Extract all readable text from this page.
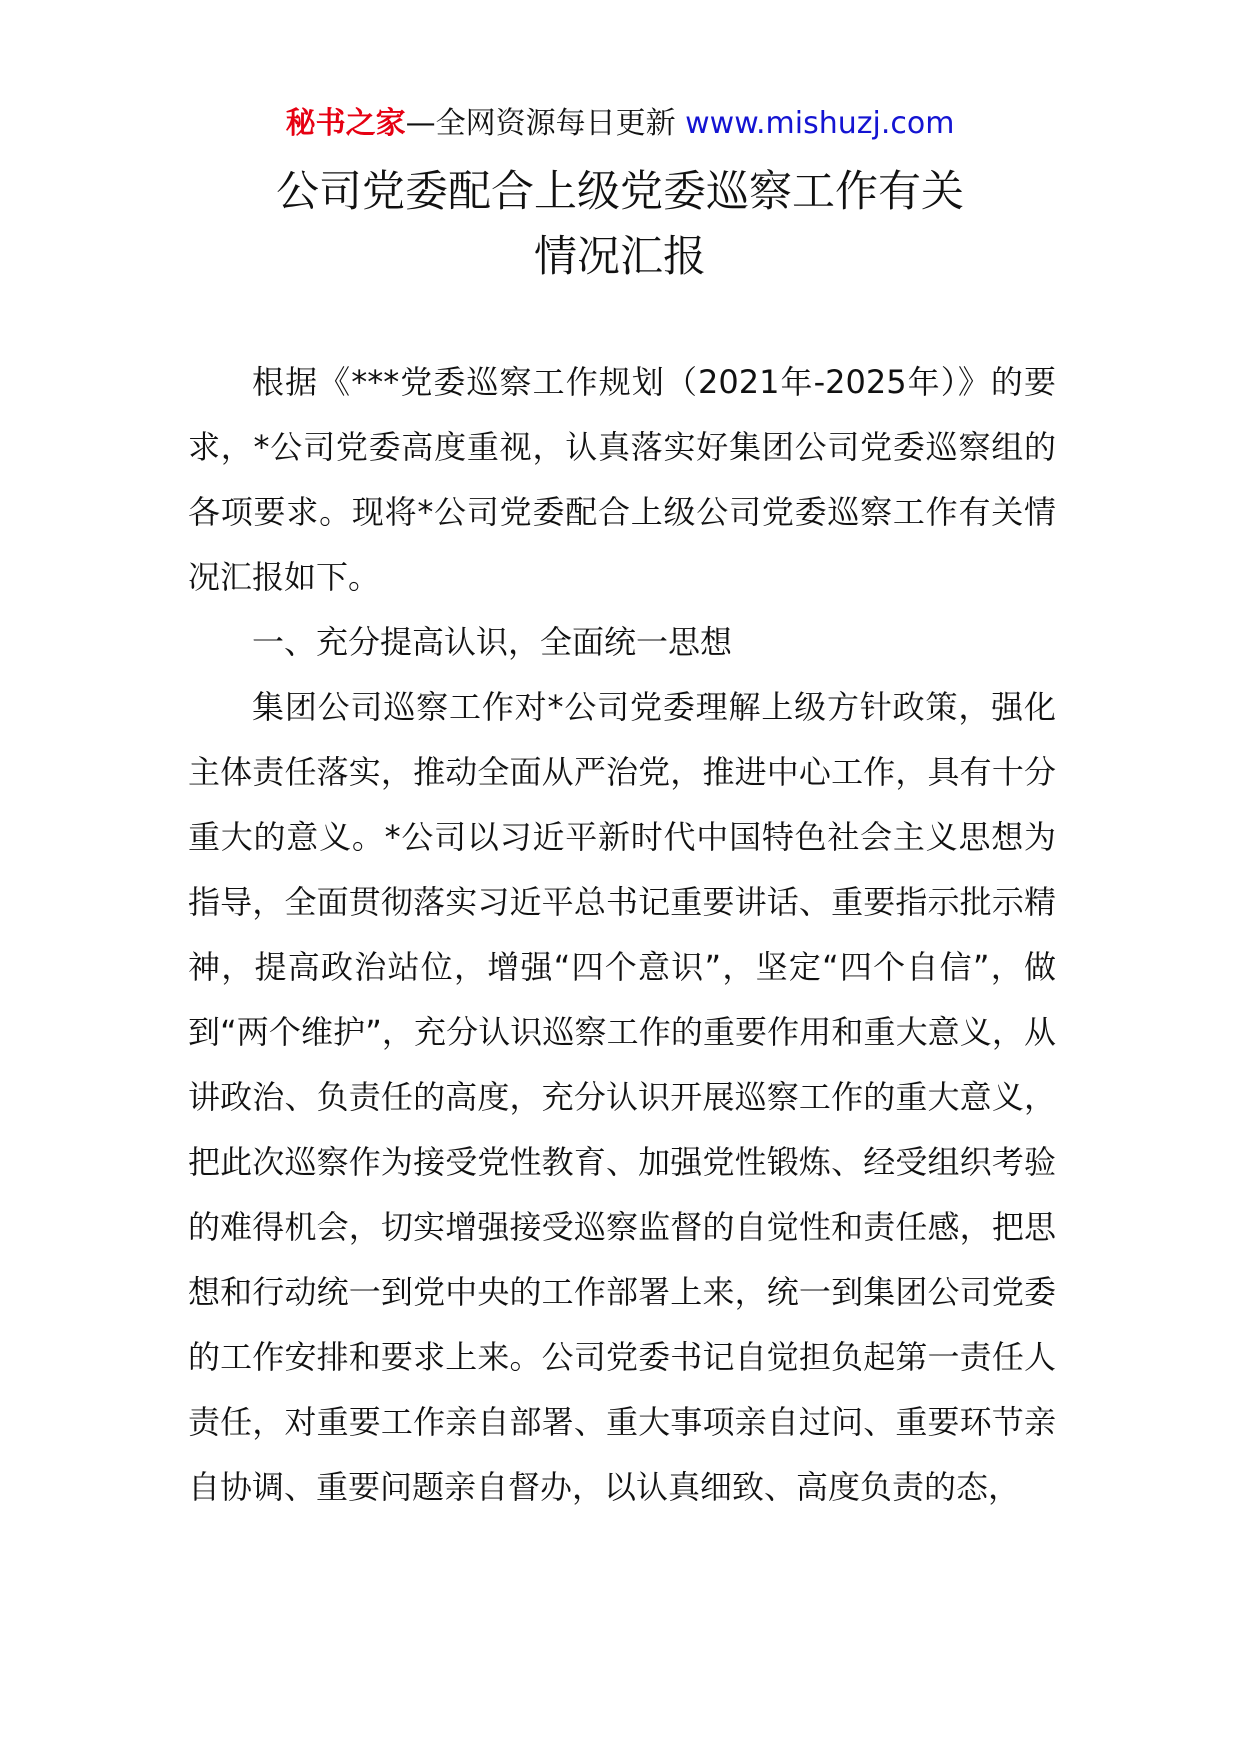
秘书之家—全网资源每日更新 www.mishuzj.com
公司党委配合上级党委巡察工作有关
情况汇报

根据《***党委巡察工作规划（2021年-2025年）》的要求，*公司党委高度重视，认真落实好集团公司党委巡察组的各项要求。现将*公司党委配合上级公司党委巡察工作有关情况汇报如下。

一、充分提高认识，全面统一思想

集团公司巡察工作对*公司党委理解上级方针政策，强化主体责任落实，推动全面从严治党，推进中心工作，具有十分重大的意义。*公司以习近平新时代中国特色社会主义思想为指导，全面贯彻落实习近平总书记重要讲话、重要指示批示精神，提高政治站位，增强“四个意识”，坚定“四个自信”，做到“两个维护”，充分认识巡察工作的重要作用和重大意义，从讲政治、负责任的高度，充分认识开展巡察工作的重大意义，把此次巡察作为接受党性教育、加强党性锻炼、经受组织考验的难得机会，切实增强接受巡察监督的自觉性和责任感，把思想和行动统一到党中央的工作部署上来，统一到集团公司党委的工作安排和要求上来。公司党委书记自觉担负起第一责任人责任，对重要工作亲自部署、重大事项亲自过问、重要环节亲自协调、重要问题亲自督办，以认真细致、高度负责的态，
